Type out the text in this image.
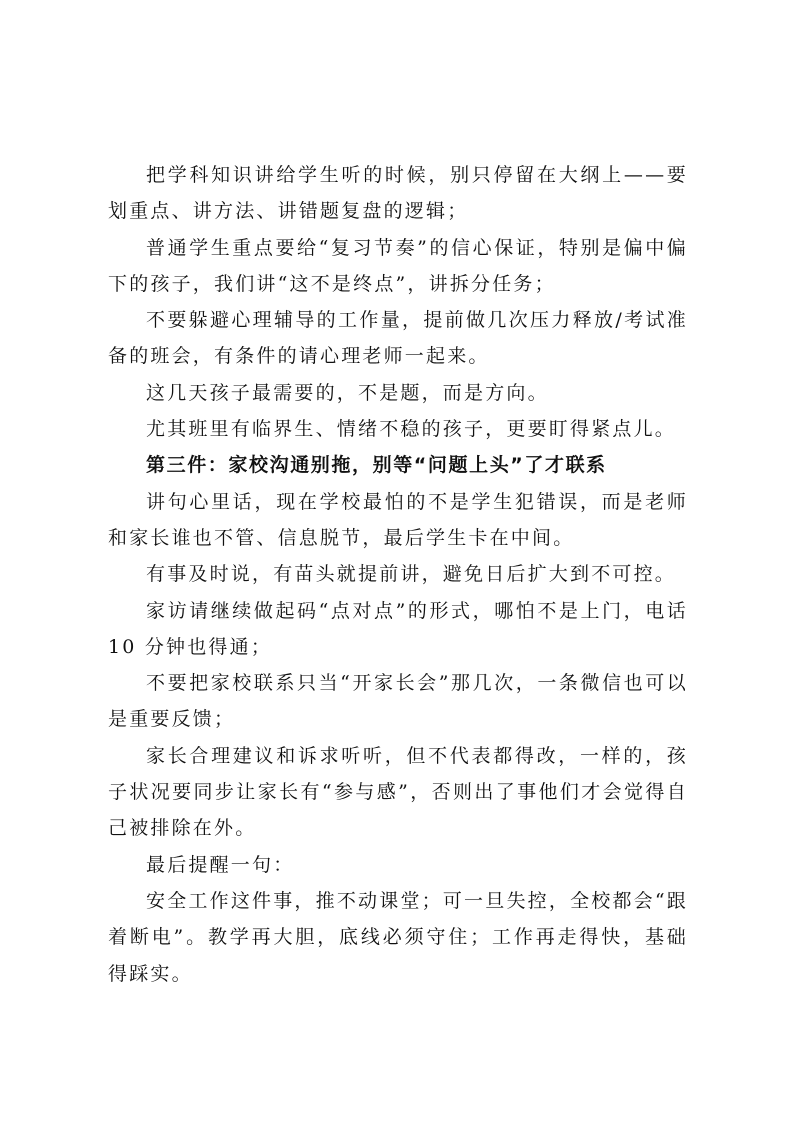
把学科知识讲给学生听的时候，别只停留在大纲上——要划重点、讲方法、讲错题复盘的逻辑；

普通学生重点要给“复习节奏”的信心保证，特别是偏中偏下的孩子，我们讲“这不是终点”，讲拆分任务；

不要躲避心理辅导的工作量，提前做几次压力释放/考试准备的班会，有条件的请心理老师一起来。

这几天孩子最需要的，不是题，而是方向。

尤其班里有临界生、情绪不稳的孩子，更要盯得紧点儿。

第三件：家校沟通别拖，别等“问题上头”了才联系

讲句心里话，现在学校最怕的不是学生犯错误，而是老师和家长谁也不管、信息脱节，最后学生卡在中间。

有事及时说，有苗头就提前讲，避免日后扩大到不可控。

家访请继续做起码“点对点”的形式，哪怕不是上门，电话 10 分钟也得通；

不要把家校联系只当“开家长会”那几次，一条微信也可以是重要反馈；

家长合理建议和诉求听听，但不代表都得改，一样的，孩子状况要同步让家长有“参与感”，否则出了事他们才会觉得自己被排除在外。

最后提醒一句：

安全工作这件事，推不动课堂；可一旦失控，全校都会“跟着断电”。教学再大胆，底线必须守住；工作再走得快，基础得踩实。
